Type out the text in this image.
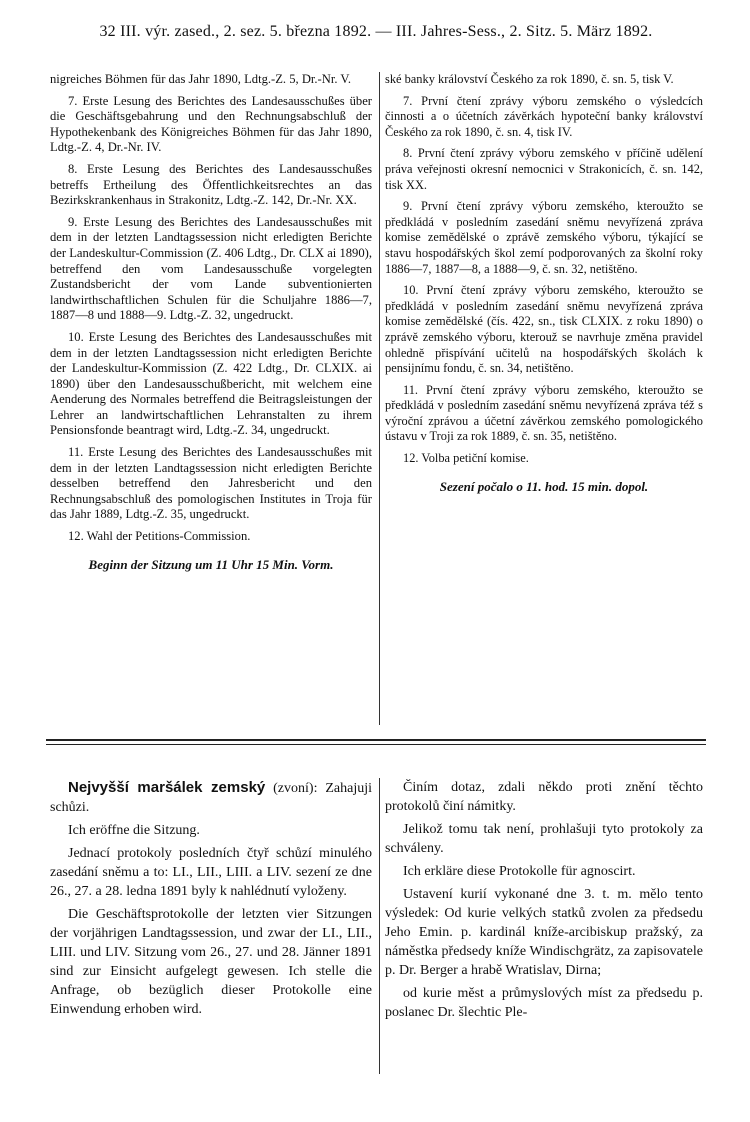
32 III. výr. zased., 2. sez. 5. března 1892. — III. Jahres-Sess., 2. Sitz. 5. März 1892.

nigreiches Böhmen für das Jahr 1890, Ldtg.-Z. 5, Dr.-Nr. V.

7. Erste Lesung des Berichtes des Landesausschußes über die Geschäftsgebahrung und den Rechnungsabschluß der Hypothekenbank des Königreiches Böhmen für das Jahr 1890, Ldtg.-Z. 4, Dr.-Nr. IV.

8. Erste Lesung des Berichtes des Landesausschußes betreffs Ertheilung des Öffentlichkeitsrechtes an das Bezirkskrankenhaus in Strakonitz, Ldtg.-Z. 142, Dr.-Nr. XX.

9. Erste Lesung des Berichtes des Landesausschußes mit dem in der letzten Landtagssession nicht erledigten Berichte der Landeskultur-Commission (Z. 406 Ldtg., Dr. CLX ai 1890), betreffend den vom Landesausschuße vorgelegten Zustandsbericht der vom Lande subventionierten landwirthschaftlichen Schulen für die Schuljahre 1886—7, 1887—8 und 1888—9. Ldtg.-Z. 32, ungedruckt.

10. Erste Lesung des Berichtes des Landesausschußes mit dem in der letzten Landtagssession nicht erledigten Berichte der Landeskultur-Kommission (Z. 422 Ldtg., Dr. CLXIX. ai 1890) über den Landesausschußbericht, mit welchem eine Aenderung des Normales betreffend die Beitragsleistungen der Lehrer an landwirtschaftlichen Lehranstalten zu ihrem Pensionsfonde beantragt wird, Ldtg.-Z. 34, ungedruckt.

11. Erste Lesung des Berichtes des Landesausschußes mit dem in der letzten Landtagssession nicht erledigten Berichte desselben betreffend den Jahresbericht und den Rechnungsabschluß des pomologischen Institutes in Troja für das Jahr 1889, Ldtg.-Z. 35, ungedruckt.

12. Wahl der Petitions-Commission.

Beginn der Sitzung um 11 Uhr 15 Min. Vorm.

ské banky království Českého za rok 1890, č. sn. 5, tisk V.

7. První čtení zprávy výboru zemského o výsledcích činnosti a o účetních závěrkách hypoteční banky království Českého za rok 1890, č. sn. 4, tisk IV.

8. První čtení zprávy výboru zemského v příčině udělení práva veřejnosti okresní nemocnici v Strakonicích, č. sn. 142, tisk XX.

9. První čtení zprávy výboru zemského, kteroužto se předkládá v posledním zasedání sněmu nevyřízená zpráva komise zemědělské o zprávě zemského výboru, týkající se stavu hospodářských škol zemí podporovaných za školní roky 1886—7, 1887—8, a 1888—9, č. sn. 32, netištěno.

10. První čtení zprávy výboru zemského, kteroužto se předkládá v posledním zasedání sněmu nevyřízená zpráva komise zemědělské (čís. 422, sn., tisk CLXIX. z roku 1890) o zprávě zemského výboru, kterouž se navrhuje změna pravidel ohledně přispívání učitelů na hospodářských školách k pensijnímu fondu, č. sn. 34, netištěno.

11. První čtení zprávy výboru zemského, kteroužto se předkládá v posledním zasedání sněmu nevyřízená zpráva též s výroční zprávou a účetní závěrkou zemského pomologického ústavu v Troji za rok 1889, č. sn. 35, netištěno.

12. Volba petiční komise.

Sezení počalo o 11. hod. 15 min. dopol.

Nejvyšší maršálek zemský (zvoní): Zahajuji schůzi.

Ich eröffne die Sitzung.

Jednací protokoly posledních čtyř schůzí minulého zasedání sněmu a to: LI., LII., LIII. a LIV. sezení ze dne 26., 27. a 28. ledna 1891 byly k nahlédnutí vyloženy.

Die Geschäftsprotokolle der letzten vier Sitzungen der vorjährigen Landtagssession, und zwar der LI., LII., LIII. und LIV. Sitzung vom 26., 27. und 28. Jänner 1891 sind zur Einsicht aufgelegt gewesen. Ich stelle die Anfrage, ob bezüglich dieser Protokolle eine Einwendung erhoben wird.

Činím dotaz, zdali někdo proti znění těchto protokolů činí námitky.

Jelikož tomu tak není, prohlašuji tyto protokoly za schváleny.

Ich erkläre diese Protokolle für agnoscirt.

Ustavení kurií vykonané dne 3. t. m. mělo tento výsledek: Od kurie velkých statků zvolen za předsedu Jeho Emin. p. kardinál kníže-arcibiskup pražský, za náměstka předsedy kníže Windischgrätz, za zapisovatele p. Dr. Berger a hrabě Wratislav, Dirna;

od kurie měst a průmyslových míst za předsedu p. poslanec Dr. šlechtic Ple-
